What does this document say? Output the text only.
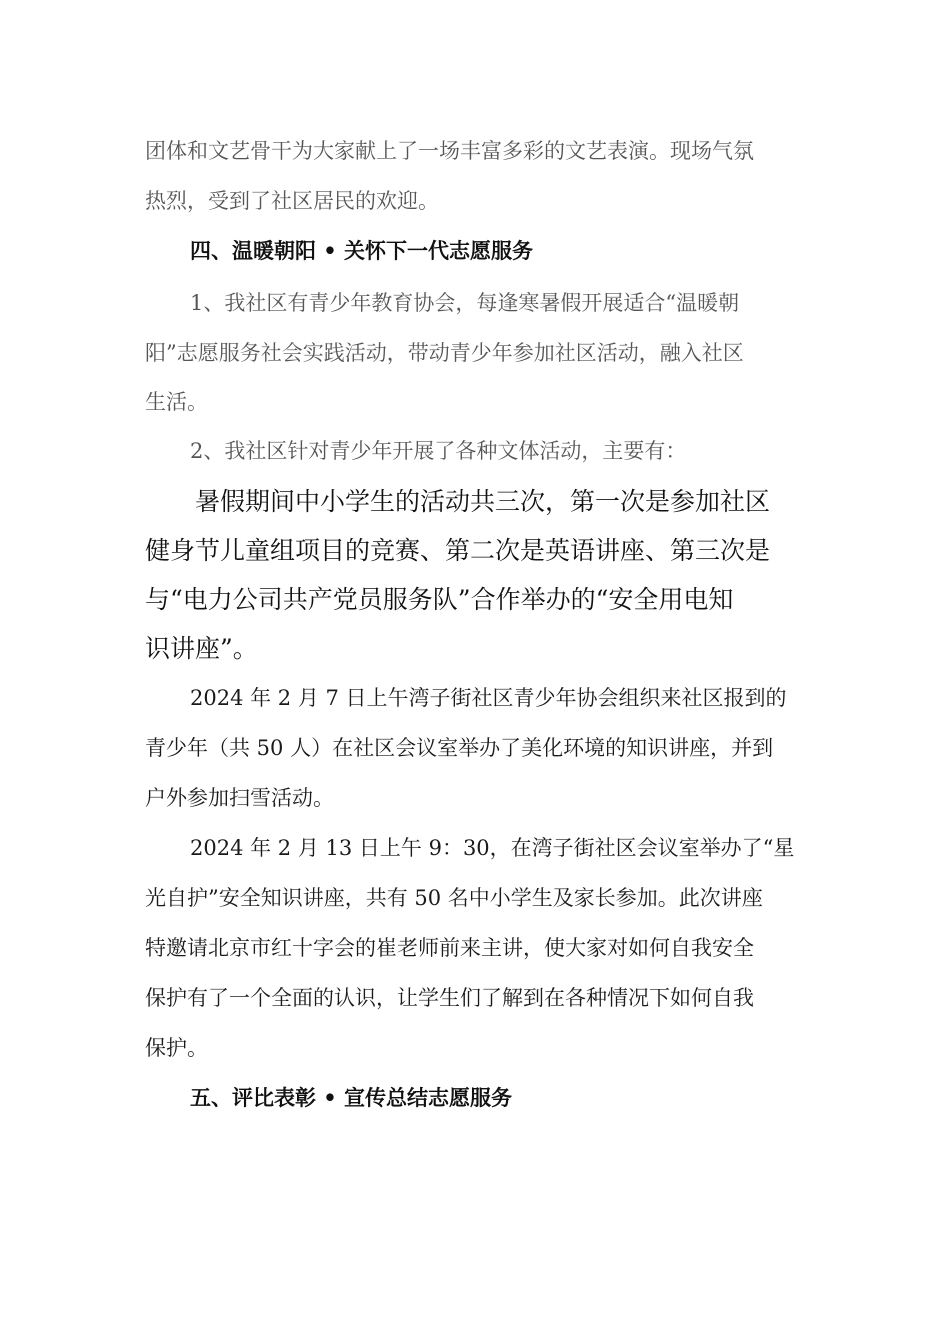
团体和文艺骨干为大家献上了一场丰富多彩的文艺表演。现场气氛
热烈，受到了社区居民的欢迎。
四、温暖朝阳 • 关怀下一代志愿服务
1、我社区有青少年教育协会，每逢寒暑假开展适合“温暖朝
阳”志愿服务社会实践活动，带动青少年参加社区活动，融入社区
生活。
2、我社区针对青少年开展了各种文体活动，主要有：
暑假期间中小学生的活动共三次，第一次是参加社区
健身节儿童组项目的竞赛、第二次是英语讲座、第三次是
与“电力公司共产党员服务队”合作举办的“安全用电知
识讲座”。
2024 年 2 月 7 日上午湾子街社区青少年协会组织来社区报到的
青少年（共 50 人）在社区会议室举办了美化环境的知识讲座，并到
户外参加扫雪活动。
2024 年 2 月 13 日上午 9：30，在湾子街社区会议室举办了“星
光自护”安全知识讲座，共有 50 名中小学生及家长参加。此次讲座
特邀请北京市红十字会的崔老师前来主讲，使大家对如何自我安全
保护有了一个全面的认识，让学生们了解到在各种情况下如何自我
保护。
五、评比表彰 • 宣传总结志愿服务
